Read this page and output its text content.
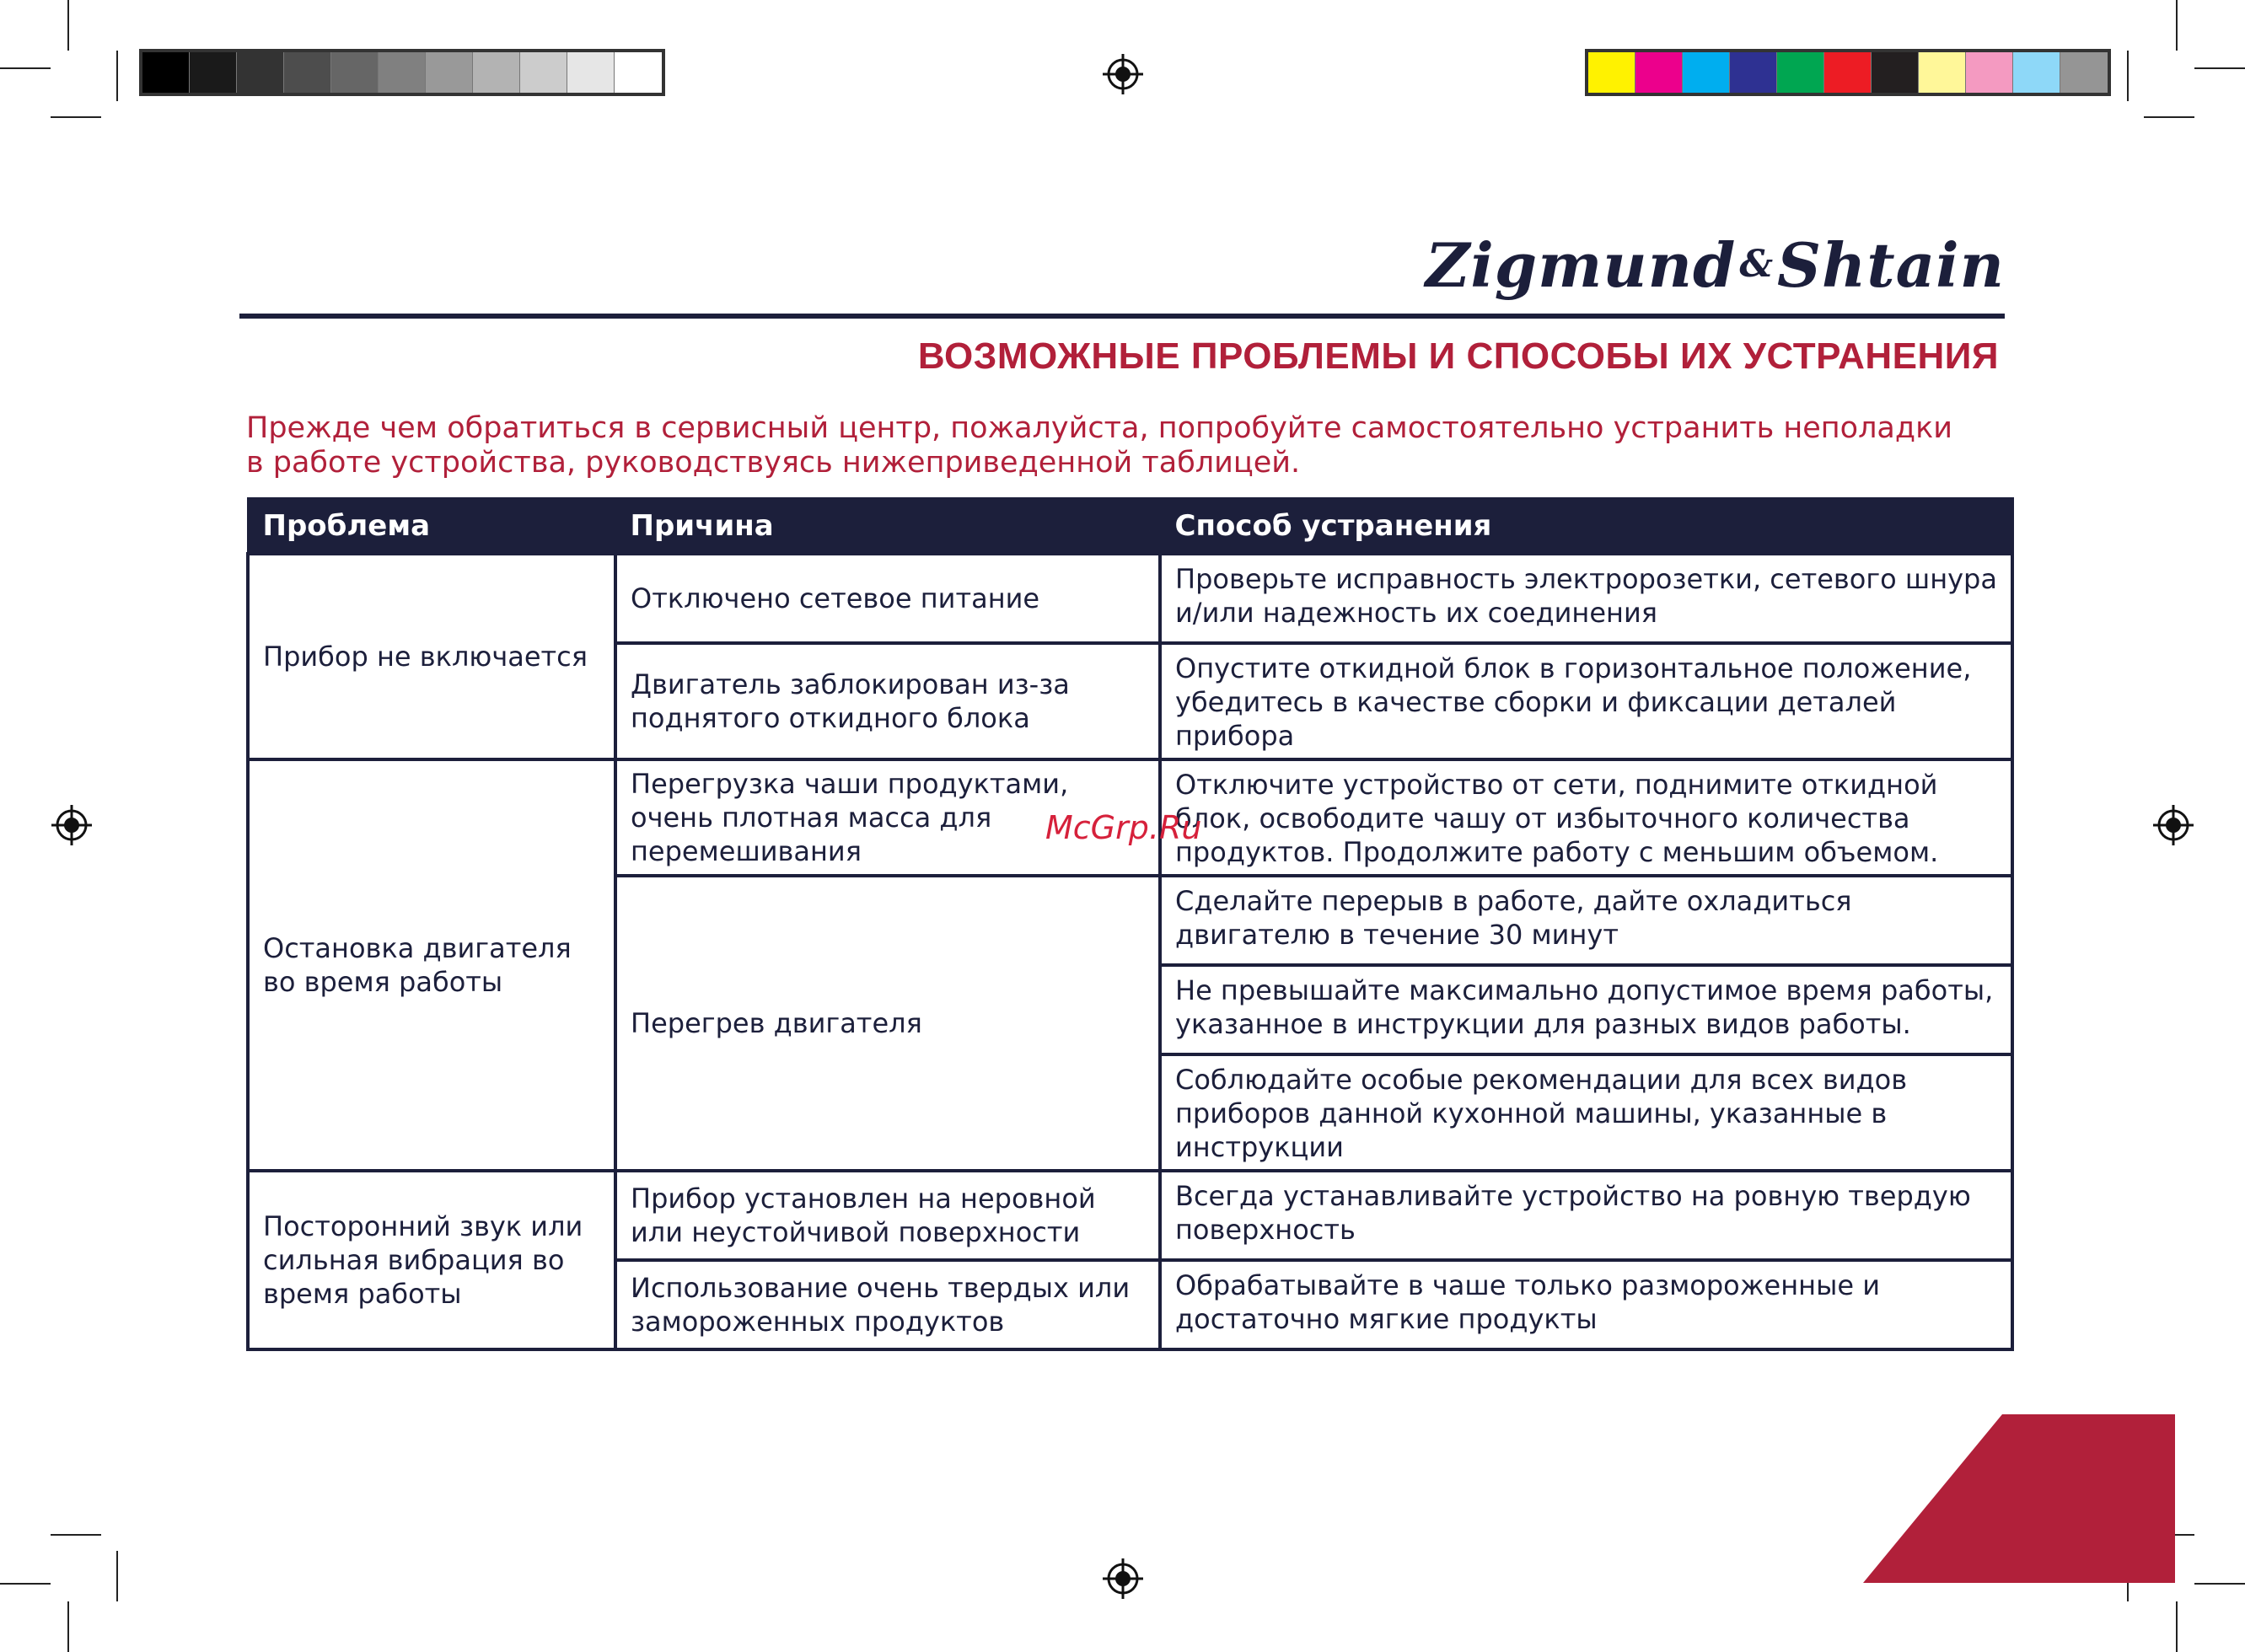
Zigmund&Shtain
ВОЗМОЖНЫЕ ПРОБЛЕМЫ И СПОСОБЫ ИХ УСТРАНЕНИЯ
Прежде чем обратиться в сервисный центр, пожалуйста, попробуйте самостоятельно устранить неполадки в работе устройства, руководствуясь нижеприведенной таблицей.
Проблема	Причина	Способ устранения
Прибор не включается	Отключено сетевое питание	Проверьте исправность электророзетки, сетевого шнура и/или надежность их соединения
	Двигатель заблокирован из-за поднятого откидного блока	Опустите откидной блок в горизонтальное положение, убедитесь в качестве сборки и фиксации деталей прибора
Остановка двигателя во время работы	Перегрузка чаши продуктами, очень плотная масса для перемешивания	Отключите устройство от сети, поднимите откидной блок, освободите чашу от избыточного количества продуктов. Продолжите работу с меньшим объемом.
	Перегрев двигателя	Сделайте перерыв в работе, дайте охладиться двигателю в течение 30 минут
		Не превышайте максимально допустимое время работы, указанное в инструкции для разных видов работы.
		Соблюдайте особые рекомендации для всех видов приборов данной кухонной машины, указанные в инструкции
Посторонний звук или сильная вибрация во время работы	Прибор установлен на неровной или неустойчивой поверхности	Всегда устанавливайте устройство на ровную твердую поверхность
	Использование очень твердых или замороженных продуктов	Обрабатывайте в чаше только размороженные и достаточно мягкие продукты
McGrp.Ru
